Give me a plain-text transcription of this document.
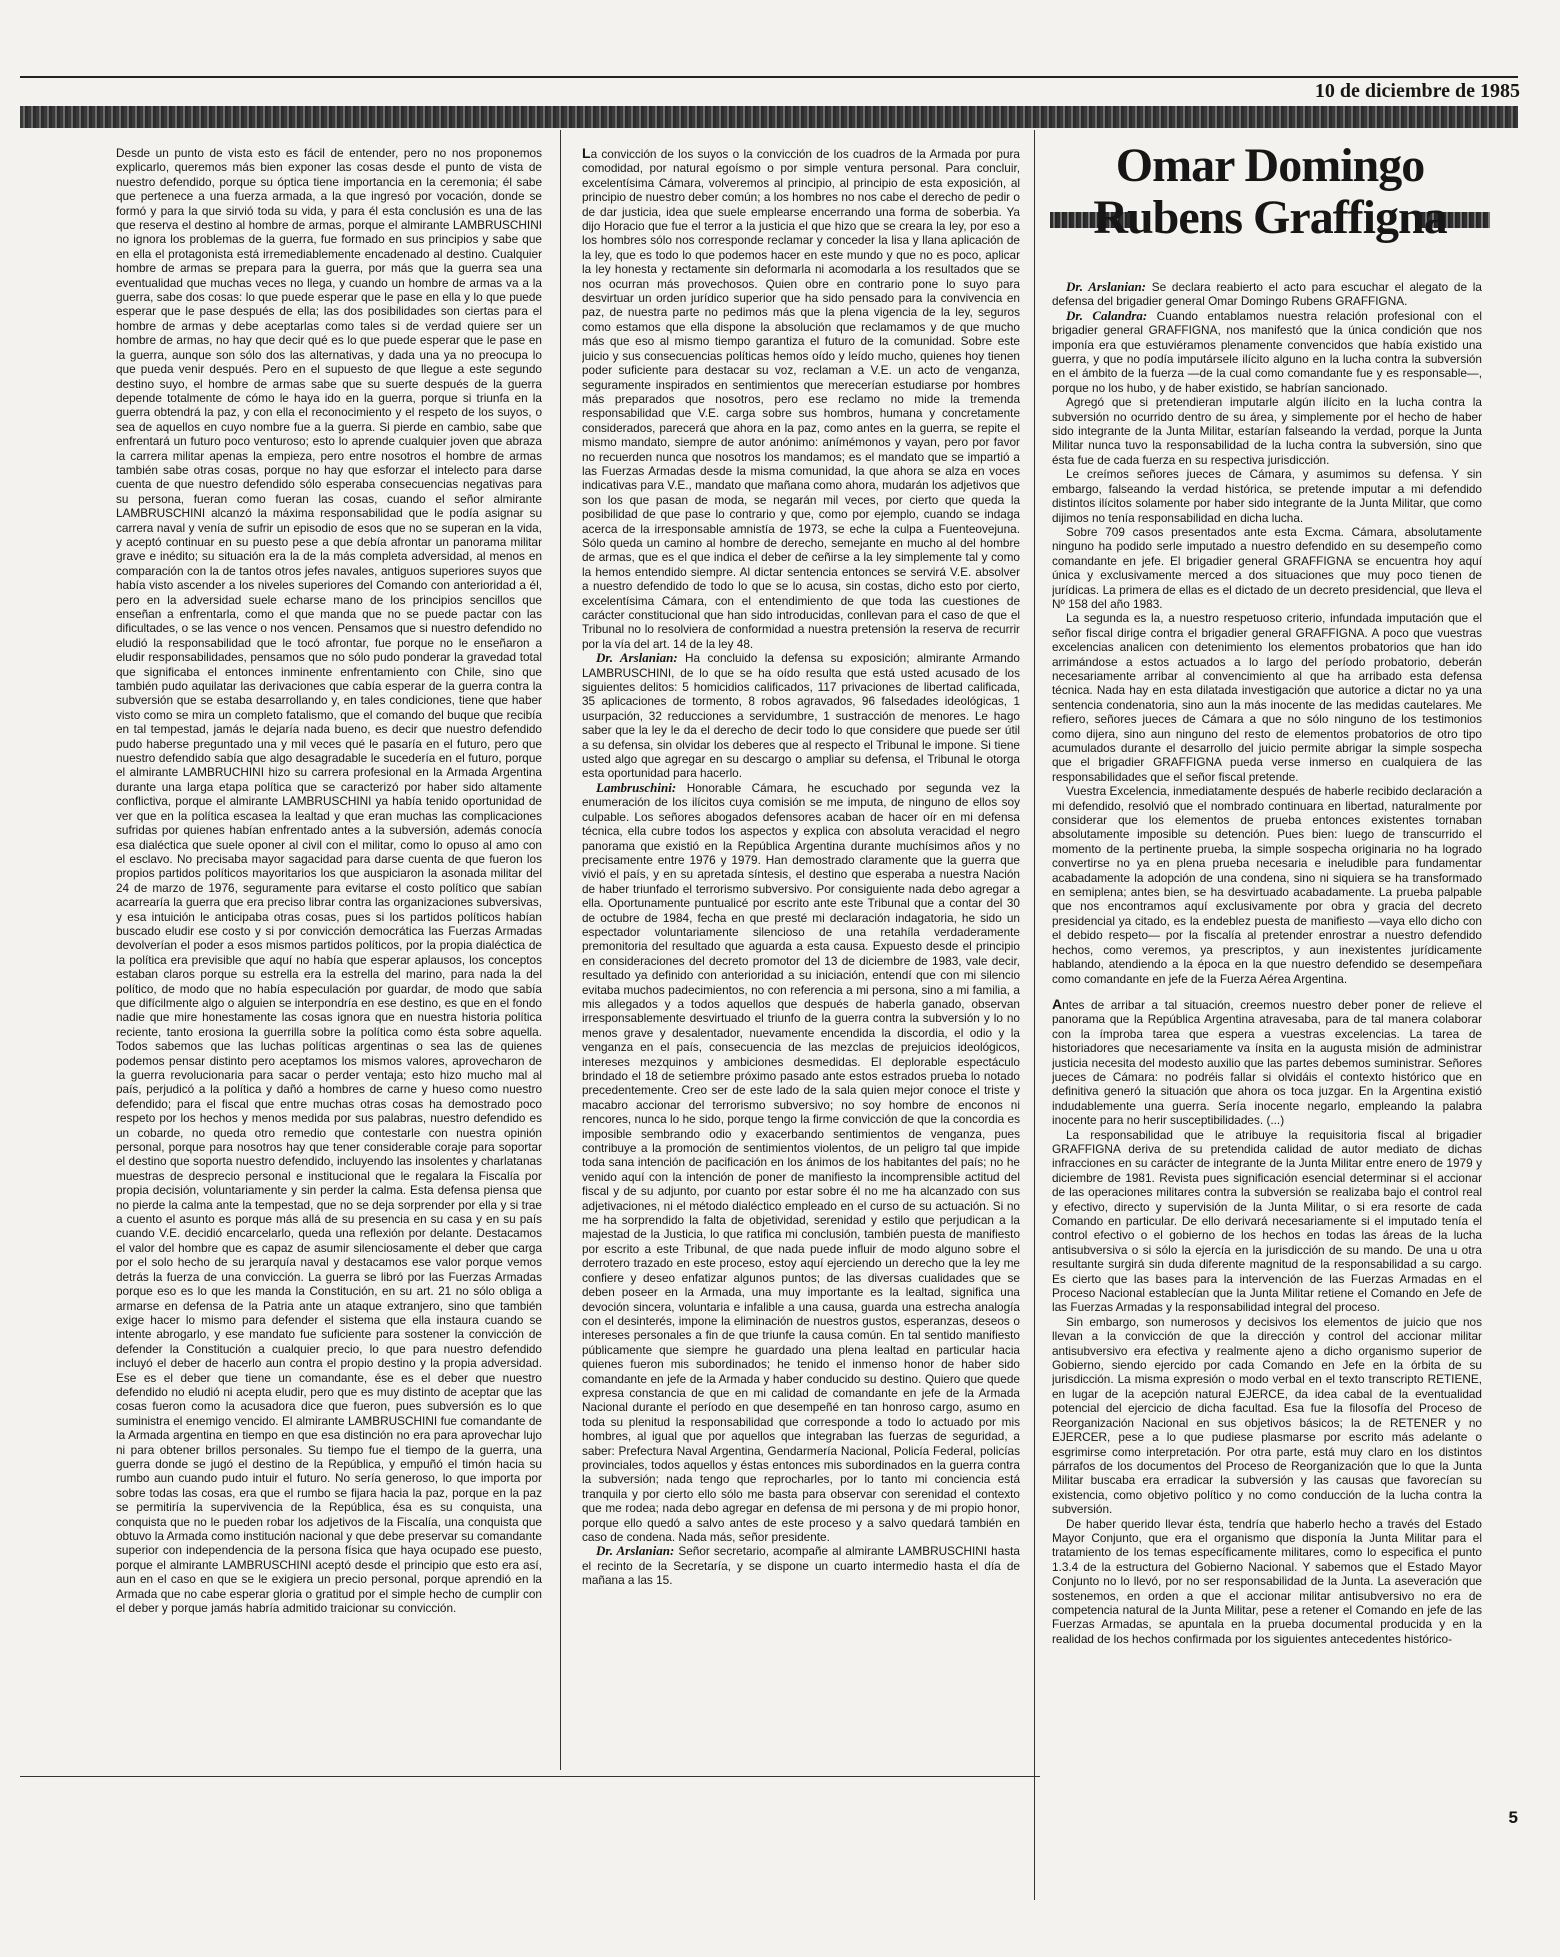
10 de diciembre de 1985

Desde un punto de vista esto es fácil de entender, pero no nos proponemos explicarlo, queremos más bien exponer las cosas desde el punto de vista de nuestro defendido, porque su óptica tiene importancia en la ceremonia; él sabe que pertenece a una fuerza armada, a la que ingresó por vocación, donde se formó y para la que sirvió toda su vida, y para él esta conclusión es una de las que reserva el destino al hombre de armas, porque el almirante LAMBRUSCHINI no ignora los problemas de la guerra, fue formado en sus principios y sabe que en ella el protagonista está irremediablemente encadenado al destino. Cualquier hombre de armas se prepara para la guerra, por más que la guerra sea una eventualidad que muchas veces no llega, y cuando un hombre de armas va a la guerra, sabe dos cosas: lo que puede esperar que le pase en ella y lo que puede esperar que le pase después de ella; las dos posibilidades son ciertas para el hombre de armas y debe aceptarlas como tales si de verdad quiere ser un hombre de armas, no hay que decir qué es lo que puede esperar que le pase en la guerra, aunque son sólo dos las alternativas, y dada una ya no preocupa lo que pueda venir después. Pero en el supuesto de que llegue a este segundo destino suyo, el hombre de armas sabe que su suerte después de la guerra depende totalmente de cómo le haya ido en la guerra, porque si triunfa en la guerra obtendrá la paz, y con ella el reconocimiento y el respeto de los suyos, o sea de aquellos en cuyo nombre fue a la guerra. Si pierde en cambio, sabe que enfrentará un futuro poco venturoso; esto lo aprende cualquier joven que abraza la carrera militar apenas la empieza, pero entre nosotros el hombre de armas también sabe otras cosas, porque no hay que esforzar el intelecto para darse cuenta de que nuestro defendido sólo esperaba consecuencias negativas para su persona, fueran como fueran las cosas, cuando el señor almirante LAMBRUSCHINI alcanzó la máxima responsabilidad que le podía asignar su carrera naval y venía de sufrir un episodio de esos que no se superan en la vida, y aceptó continuar en su puesto pese a que debía afrontar un panorama militar grave e inédito; su situación era la de la más completa adversidad, al menos en comparación con la de tantos otros jefes navales, antiguos superiores suyos que había visto ascender a los niveles superiores del Comando con anterioridad a él, pero en la adversidad suele echarse mano de los principios sencillos que enseñan a enfrentarla, como el que manda que no se puede pactar con las dificultades, o se las vence o nos vencen. Pensamos que si nuestro defendido no eludió la responsabilidad que le tocó afrontar, fue porque no le enseñaron a eludir responsabilidades, pensamos que no sólo pudo ponderar la gravedad total que significaba el entonces inminente enfrentamiento con Chile, sino que también pudo aquilatar las derivaciones que cabía esperar de la guerra contra la subversión que se estaba desarrollando y, en tales condiciones, tiene que haber visto como se mira un completo fatalismo, que el comando del buque que recibía en tal tempestad, jamás le dejaría nada bueno, es decir que nuestro defendido pudo haberse preguntado una y mil veces qué le pasaría en el futuro, pero que nuestro defendido sabía que algo desagradable le sucedería en el futuro, porque el almirante LAMBRUCHINI hizo su carrera profesional en la Armada Argentina durante una larga etapa política que se caracterizó por haber sido altamente conflictiva, porque el almirante LAMBRUSCHINI ya había tenido oportunidad de ver que en la política escasea la lealtad y que eran muchas las complicaciones sufridas por quienes habían enfrentado antes a la subversión, además conocía esa dialéctica que suele oponer al civil con el militar, como lo opuso al amo con el esclavo. No precisaba mayor sagacidad para darse cuenta de que fueron los propios partidos políticos mayoritarios los que auspiciaron la asonada militar del 24 de marzo de 1976, seguramente para evitarse el costo político que sabían acarrearía la guerra que era preciso librar contra las organizaciones subversivas, y esa intuición le anticipaba otras cosas, pues si los partidos políticos habían buscado eludir ese costo y si por convicción democrática las Fuerzas Armadas devolverían el poder a esos mismos partidos políticos, por la propia dialéctica de la política era previsible que aquí no había que esperar aplausos, los conceptos estaban claros porque su estrella era la estrella del marino, para nada la del político, de modo que no había especulación por guardar, de modo que sabía que difícilmente algo o alguien se interpondría en ese destino, es que en el fondo nadie que mire honestamente las cosas ignora que en nuestra historia política reciente, tanto erosiona la guerrilla sobre la política como ésta sobre aquella. Todos sabemos que las luchas políticas argentinas o sea las de quienes podemos pensar distinto pero aceptamos los mismos valores, aprovecharon de la guerra revolucionaria para sacar o perder ventaja; esto hizo mucho mal al país, perjudicó a la política y dañó a hombres de carne y hueso como nuestro defendido; para el fiscal que entre muchas otras cosas ha demostrado poco respeto por los hechos y menos medida por sus palabras, nuestro defendido es un cobarde, no queda otro remedio que contestarle con nuestra opinión personal, porque para nosotros hay que tener considerable coraje para soportar el destino que soporta nuestro defendido, incluyendo las insolentes y charlatanas muestras de desprecio personal e institucional que le regalara la Fiscalía por propia decisión, voluntariamente y sin perder la calma. Esta defensa piensa que no pierde la calma ante la tempestad, que no se deja sorprender por ella y si trae a cuento el asunto es porque más allá de su presencia en su casa y en su país cuando V.E. decidió encarcelarlo, queda una reflexión por delante. Destacamos el valor del hombre que es capaz de asumir silenciosamente el deber que carga por el solo hecho de su jerarquía naval y destacamos ese valor porque vemos detrás la fuerza de una convicción. La guerra se libró por las Fuerzas Armadas porque eso es lo que les manda la Constitución, en su art. 21 no sólo obliga a armarse en defensa de la Patria ante un ataque extranjero, sino que también exige hacer lo mismo para defender el sistema que ella instaura cuando se intente abrogarlo, y ese mandato fue suficiente para sostener la convicción de defender la Constitución a cualquier precio, lo que para nuestro defendido incluyó el deber de hacerlo aun contra el propio destino y la propia adversidad. Ese es el deber que tiene un comandante, ése es el deber que nuestro defendido no eludió ni acepta eludir, pero que es muy distinto de aceptar que las cosas fueron como la acusadora dice que fueron, pues subversión es lo que suministra el enemigo vencido. El almirante LAMBRUSCHINI fue comandante de la Armada argentina en tiempo en que esa distinción no era para aprovechar lujo ni para obtener brillos personales. Su tiempo fue el tiempo de la guerra, una guerra donde se jugó el destino de la República, y empuñó el timón hacia su rumbo aun cuando pudo intuir el futuro. No sería generoso, lo que importa por sobre todas las cosas, era que el rumbo se fijara hacia la paz, porque en la paz se permitiría la supervivencia de la República, ésa es su conquista, una conquista que no le pueden robar los adjetivos de la Fiscalía, una conquista que obtuvo la Armada como institución nacional y que debe preservar su comandante superior con independencia de la persona física que haya ocupado ese puesto, porque el almirante LAMBRUSCHINI aceptó desde el principio que esto era así, aun en el caso en que se le exigiera un precio personal, porque aprendió en la Armada que no cabe esperar gloria o gratitud por el simple hecho de cumplir con el deber y porque jamás habría admitido traicionar su convicción.

La convicción de los suyos o la convicción de los cuadros de la Armada por pura comodidad, por natural egoísmo o por simple ventura personal. Para concluir, excelentísima Cámara, volveremos al principio, al principio de esta exposición, al principio de nuestro deber común; a los hombres no nos cabe el derecho de pedir o de dar justicia, idea que suele emplearse encerrando una forma de soberbia. Ya dijo Horacio que fue el terror a la justicia el que hizo que se creara la ley, por eso a los hombres sólo nos corresponde reclamar y conceder la lisa y llana aplicación de la ley, que es todo lo que podemos hacer en este mundo y que no es poco, aplicar la ley honesta y rectamente sin deformarla ni acomodarla a los resultados que se nos ocurran más provechosos. Quien obre en contrario pone lo suyo para desvirtuar un orden jurídico superior que ha sido pensado para la convivencia en paz, de nuestra parte no pedimos más que la plena vigencia de la ley, seguros como estamos que ella dispone la absolución que reclamamos y de que mucho más que eso al mismo tiempo garantiza el futuro de la comunidad. Sobre este juicio y sus consecuencias políticas hemos oído y leído mucho, quienes hoy tienen poder suficiente para destacar su voz, reclaman a V.E. un acto de venganza, seguramente inspirados en sentimientos que merecerían estudiarse por hombres más preparados que nosotros, pero ese reclamo no mide la tremenda responsabilidad que V.E. carga sobre sus hombros, humana y concretamente considerados, parecerá que ahora en la paz, como antes en la guerra, se repite el mismo mandato, siempre de autor anónimo: anímémonos y vayan, pero por favor no recuerden nunca que nosotros los mandamos; es el mandato que se impartió a las Fuerzas Armadas desde la misma comunidad, la que ahora se alza en voces indicativas para V.E., mandato que mañana como ahora, mudarán los adjetivos que son los que pasan de moda, se negarán mil veces, por cierto que queda la posibilidad de que pase lo contrario y que, como por ejemplo, cuando se indaga acerca de la irresponsable amnistía de 1973, se eche la culpa a Fuenteovejuna. Sólo queda un camino al hombre de derecho, semejante en mucho al del hombre de armas, que es el que indica el deber de ceñirse a la ley simplemente tal y como la hemos entendido siempre. Al dictar sentencia entonces se servirá V.E. absolver a nuestro defendido de todo lo que se lo acusa, sin costas, dicho esto por cierto, excelentísima Cámara, con el entendimiento de que toda las cuestiones de carácter constitucional que han sido introducidas, conllevan para el caso de que el Tribunal no lo resolviera de conformidad a nuestra pretensión la reserva de recurrir por la vía del art. 14 de la ley 48.

Dr. Arslanian: Ha concluido la defensa su exposición; almirante Armando LAMBRUSCHINI, de lo que se ha oído resulta que está usted acusado de los siguientes delitos: 5 homicidios calificados, 117 privaciones de libertad calificada, 35 aplicaciones de tormento, 8 robos agravados, 96 falsedades ideológicas, 1 usurpación, 32 reducciones a servidumbre, 1 sustracción de menores. Le hago saber que la ley le da el derecho de decir todo lo que considere que puede ser útil a su defensa, sin olvidar los deberes que al respecto el Tribunal le impone. Si tiene usted algo que agregar en su descargo o ampliar su defensa, el Tribunal le otorga esta oportunidad para hacerlo.

Lambruschini: Honorable Cámara, he escuchado por segunda vez la enumeración de los ilícitos cuya comisión se me imputa, de ninguno de ellos soy culpable. Los señores abogados defensores acaban de hacer oír en mi defensa técnica, ella cubre todos los aspectos y explica con absoluta veracidad el negro panorama que existió en la República Argentina durante muchísimos años y no precisamente entre 1976 y 1979. Han demostrado claramente que la guerra que vivió el país, y en su apretada síntesis, el destino que esperaba a nuestra Nación de haber triunfado el terrorismo subversivo. Por consiguiente nada debo agregar a ella. Oportunamente puntualicé por escrito ante este Tribunal que a contar del 30 de octubre de 1984, fecha en que presté mi declaración indagatoria, he sido un espectador voluntariamente silencioso de una retahíla verdaderamente premonitoria del resultado que aguarda a esta causa. Expuesto desde el principio en consideraciones del decreto promotor del 13 de diciembre de 1983, vale decir, resultado ya definido con anterioridad a su iniciación, entendí que con mi silencio evitaba muchos padecimientos, no con referencia a mi persona, sino a mi familia, a mis allegados y a todos aquellos que después de haberla ganado, observan irresponsablemente desvirtuado el triunfo de la guerra contra la subversión y lo no menos grave y desalentador, nuevamente encendida la discordia, el odio y la venganza en el país, consecuencia de las mezclas de prejuicios ideológicos, intereses mezquinos y ambiciones desmedidas. El deplorable espectáculo brindado el 18 de setiembre próximo pasado ante estos estrados prueba lo notado precedentemente. Creo ser de este lado de la sala quien mejor conoce el triste y macabro accionar del terrorismo subversivo; no soy hombre de enconos ni rencores, nunca lo he sido, porque tengo la firme convicción de que la concordia es imposible sembrando odio y exacerbando sentimientos de venganza, pues contribuye a la promoción de sentimientos violentos, de un peligro tal que impide toda sana intención de pacificación en los ánimos de los habitantes del país; no he venido aquí con la intención de poner de manifiesto la incomprensible actitud del fiscal y de su adjunto, por cuanto por estar sobre él no me ha alcanzado con sus adjetivaciones, ni el método dialéctico empleado en el curso de su actuación. Si no me ha sorprendido la falta de objetividad, serenidad y estilo que perjudican a la majestad de la Justicia, lo que ratifica mi conclusión, también puesta de manifiesto por escrito a este Tribunal, de que nada puede influir de modo alguno sobre el derrotero trazado en este proceso, estoy aquí ejerciendo un derecho que la ley me confiere y deseo enfatizar algunos puntos; de las diversas cualidades que se deben poseer en la Armada, una muy importante es la lealtad, significa una devoción sincera, voluntaria e infalible a una causa, guarda una estrecha analogía con el desinterés, impone la eliminación de nuestros gustos, esperanzas, deseos o intereses personales a fin de que triunfe la causa común. En tal sentido manifiesto públicamente que siempre he guardado una plena lealtad en particular hacia quienes fueron mis subordinados; he tenido el inmenso honor de haber sido comandante en jefe de la Armada y haber conducido su destino. Quiero que quede expresa constancia de que en mi calidad de comandante en jefe de la Armada Nacional durante el período en que desempeñé en tan honroso cargo, asumo en toda su plenitud la responsabilidad que corresponde a todo lo actuado por mis hombres, al igual que por aquellos que integraban las fuerzas de seguridad, a saber: Prefectura Naval Argentina, Gendarmería Nacional, Policía Federal, policías provinciales, todos aquellos y éstas entonces mis subordinados en la guerra contra la subversión; nada tengo que reprocharles, por lo tanto mi conciencia está tranquila y por cierto ello sólo me basta para observar con serenidad el contexto que me rodea; nada debo agregar en defensa de mi persona y de mi propio honor, porque ello quedó a salvo antes de este proceso y a salvo quedará también en caso de condena. Nada más, señor presidente.

Dr. Arslanian: Señor secretario, acompañe al almirante LAMBRUSCHINI hasta el recinto de la Secretaría, y se dispone un cuarto intermedio hasta el día de mañana a las 15.

Omar Domingo
Rubens Graffigna

Dr. Arslanian: Se declara reabierto el acto para escuchar el alegato de la defensa del brigadier general Omar Domingo Rubens GRAFFIGNA.

Dr. Calandra: Cuando entablamos nuestra relación profesional con el brigadier general GRAFFIGNA, nos manifestó que la única condición que nos imponía era que estuviéramos plenamente convencidos que había existido una guerra, y que no podía imputársele ilícito alguno en la lucha contra la subversión en el ámbito de la fuerza —de la cual como comandante fue y es responsable—, porque no los hubo, y de haber existido, se habrían sancionado.

Agregó que si pretendieran imputarle algún ilícito en la lucha contra la subversión no ocurrido dentro de su área, y simplemente por el hecho de haber sido integrante de la Junta Militar, estarían falseando la verdad, porque la Junta Militar nunca tuvo la responsabilidad de la lucha contra la subversión, sino que ésta fue de cada fuerza en su respectiva jurisdicción.

Le creímos señores jueces de Cámara, y asumimos su defensa. Y sin embargo, falseando la verdad histórica, se pretende imputar a mi defendido distintos ilícitos solamente por haber sido integrante de la Junta Militar, que como dijimos no tenía responsabilidad en dicha lucha.

Sobre 709 casos presentados ante esta Excma. Cámara, absolutamente ninguno ha podido serle imputado a nuestro defendido en su desempeño como comandante en jefe. El brigadier general GRAFFIGNA se encuentra hoy aquí única y exclusivamente merced a dos situaciones que muy poco tienen de jurídicas. La primera de ellas es el dictado de un decreto presidencial, que lleva el Nº 158 del año 1983.

La segunda es la, a nuestro respetuoso criterio, infundada imputación que el señor fiscal dirige contra el brigadier general GRAFFIGNA. A poco que vuestras excelencias analicen con detenimiento los elementos probatorios que han ido arrimándose a estos actuados a lo largo del período probatorio, deberán necesariamente arribar al convencimiento al que ha arribado esta defensa técnica. Nada hay en esta dilatada investigación que autorice a dictar no ya una sentencia condenatoria, sino aun la más inocente de las medidas cautelares. Me refiero, señores jueces de Cámara a que no sólo ninguno de los testimonios como dijera, sino aun ninguno del resto de elementos probatorios de otro tipo acumulados durante el desarrollo del juicio permite abrigar la simple sospecha que el brigadier GRAFFIGNA pueda verse inmerso en cualquiera de las responsabilidades que el señor fiscal pretende.

Vuestra Excelencia, inmediatamente después de haberle recibido declaración a mi defendido, resolvió que el nombrado continuara en libertad, naturalmente por considerar que los elementos de prueba entonces existentes tornaban absolutamente imposible su detención. Pues bien: luego de transcurrido el momento de la pertinente prueba, la simple sospecha originaria no ha logrado convertirse no ya en plena prueba necesaria e ineludible para fundamentar acabadamente la adopción de una condena, sino ni siquiera se ha transformado en semiplena; antes bien, se ha desvirtuado acabadamente. La prueba palpable que nos encontramos aquí exclusivamente por obra y gracia del decreto presidencial ya citado, es la endeblez puesta de manifiesto —vaya ello dicho con el debido respeto— por la fiscalía al pretender enrostrar a nuestro defendido hechos, como veremos, ya prescriptos, y aun inexistentes jurídicamente hablando, atendiendo a la época en la que nuestro defendido se desempeñara como comandante en jefe de la Fuerza Aérea Argentina.

Antes de arribar a tal situación, creemos nuestro deber poner de relieve el panorama que la República Argentina atravesaba, para de tal manera colaborar con la ímproba tarea que espera a vuestras excelencias. La tarea de historiadores que necesariamente va ínsita en la augusta misión de administrar justicia necesita del modesto auxilio que las partes debemos suministrar. Señores jueces de Cámara: no podréis fallar si olvidáis el contexto histórico que en definitiva generó la situación que ahora os toca juzgar. En la Argentina existió indudablemente una guerra. Sería inocente negarlo, empleando la palabra inocente para no herir susceptibilidades. (...)

La responsabilidad que le atribuye la requisitoria fiscal al brigadier GRAFFIGNA deriva de su pretendida calidad de autor mediato de dichas infracciones en su carácter de integrante de la Junta Militar entre enero de 1979 y diciembre de 1981. Revista pues significación esencial determinar si el accionar de las operaciones militares contra la subversión se realizaba bajo el control real y efectivo, directo y supervisión de la Junta Militar, o si era resorte de cada Comando en particular. De ello derivará necesariamente si el imputado tenía el control efectivo o el gobierno de los hechos en todas las áreas de la lucha antisubversiva o si sólo la ejercía en la jurisdicción de su mando. De una u otra resultante surgirá sin duda diferente magnitud de la responsabilidad a su cargo. Es cierto que las bases para la intervención de las Fuerzas Armadas en el Proceso Nacional establecían que la Junta Militar retiene el Comando en Jefe de las Fuerzas Armadas y la responsabilidad integral del proceso.

Sin embargo, son numerosos y decisivos los elementos de juicio que nos llevan a la convicción de que la dirección y control del accionar militar antisubversivo era efectiva y realmente ajeno a dicho organismo superior de Gobierno, siendo ejercido por cada Comando en Jefe en la órbita de su jurisdicción. La misma expresión o modo verbal en el texto transcripto RETIENE, en lugar de la acepción natural EJERCE, da idea cabal de la eventualidad potencial del ejercicio de dicha facultad. Esa fue la filosofía del Proceso de Reorganización Nacional en sus objetivos básicos; la de RETENER y no EJERCER, pese a lo que pudiese plasmarse por escrito más adelante o esgrimirse como interpretación. Por otra parte, está muy claro en los distintos párrafos de los documentos del Proceso de Reorganización que lo que la Junta Militar buscaba era erradicar la subversión y las causas que favorecían su existencia, como objetivo político y no como conducción de la lucha contra la subversión.

De haber querido llevar ésta, tendría que haberlo hecho a través del Estado Mayor Conjunto, que era el organismo que disponía la Junta Militar para el tratamiento de los temas específicamente militares, como lo especifica el punto 1.3.4 de la estructura del Gobierno Nacional. Y sabemos que el Estado Mayor Conjunto no lo llevó, por no ser responsabilidad de la Junta. La aseveración que sostenemos, en orden a que el accionar militar antisubversivo no era de competencia natural de la Junta Militar, pese a retener el Comando en jefe de las Fuerzas Armadas, se apuntala en la prueba documental producida y en la realidad de los hechos confirmada por los siguientes antecedentes histórico-

5
